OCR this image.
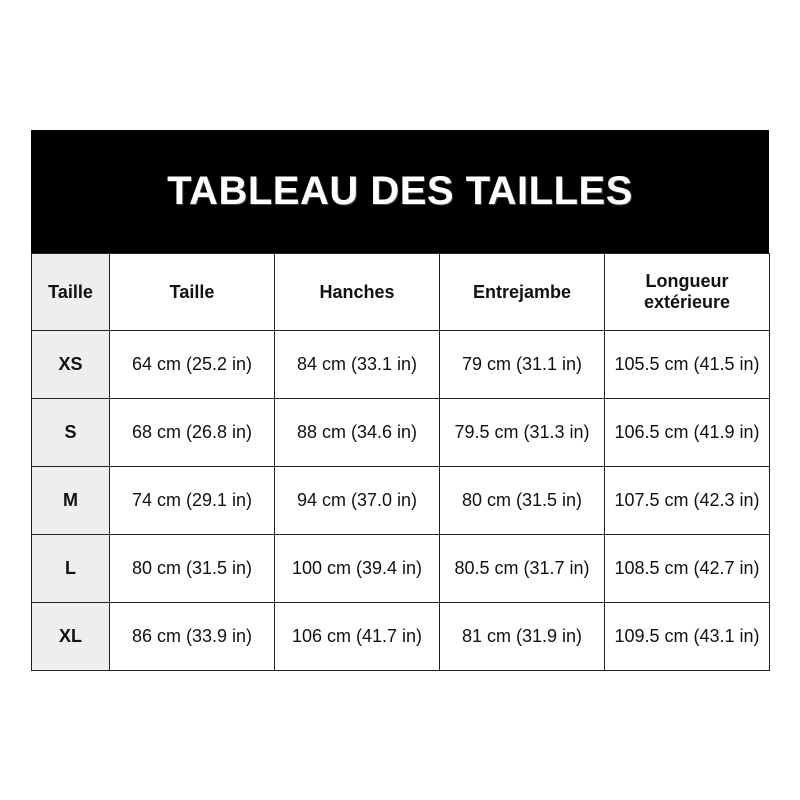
TABLEAU DES TAILLES
Taille	Taille	Hanches	Entrejambe	Longueur
extérieure
XS	64 cm (25.2 in)	84 cm (33.1 in)	79 cm (31.1 in)	105.5 cm (41.5 in)
S	68 cm (26.8 in)	88 cm (34.6 in)	79.5 cm (31.3 in)	106.5 cm (41.9 in)
M	74 cm (29.1 in)	94 cm (37.0 in)	80 cm (31.5 in)	107.5 cm (42.3 in)
L	80 cm (31.5 in)	100 cm (39.4 in)	80.5 cm (31.7 in)	108.5 cm (42.7 in)
XL	86 cm (33.9 in)	106 cm (41.7 in)	81 cm (31.9 in)	109.5 cm (43.1 in)
